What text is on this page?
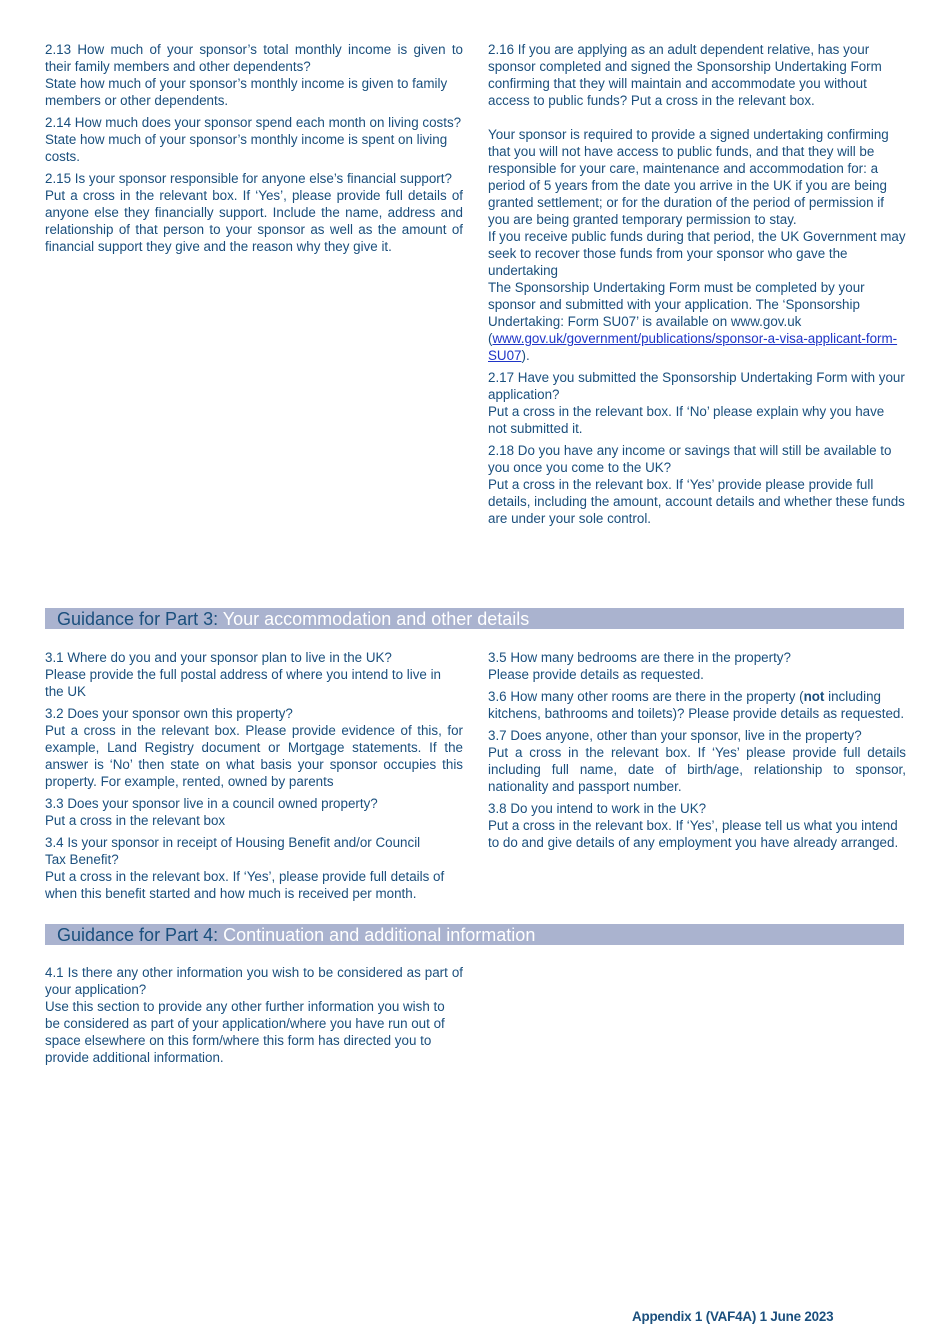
2.13 How much of your sponsor’s total monthly income is given to their family members and other dependents?
State how much of your sponsor’s monthly income is given to family members or other dependents.
2.14 How much does your sponsor spend each month on living costs?
State how much of your sponsor’s monthly income is spent on living costs.
2.15 Is your sponsor responsible for anyone else’s financial support?
Put a cross in the relevant box. If ‘Yes’, please provide full details of anyone else they financially support. Include the name, address and relationship of that person to your sponsor as well as the amount of financial support they give and the reason why they give it.
2.16 If you are applying as an adult dependent relative, has your sponsor completed and signed the Sponsorship Undertaking Form confirming that they will maintain and accommodate you without access to public funds? Put a cross in the relevant box.

Your sponsor is required to provide a signed undertaking confirming that you will not have access to public funds, and that they will be responsible for your care, maintenance and accommodation for: a period of 5 years from the date you arrive in the UK if you are being granted settlement; or for the duration of the period of permission if you are being granted temporary permission to stay.

If you receive public funds during that period, the UK Government may seek to recover those funds from your sponsor who gave the undertaking

The Sponsorship Undertaking Form must be completed by your sponsor and submitted with your application. The ‘Sponsorship Undertaking: Form SU07’ is available on www.gov.uk (www.gov.uk/government/publications/sponsor-a-visa-applicant-form-SU07).

2.17 Have you submitted the Sponsorship Undertaking Form with your application?
Put a cross in the relevant box. If ‘No’ please explain why you have not submitted it.
2.18 Do you have any income or savings that will still be available to you once you come to the UK?
Put a cross in the relevant box. If ‘Yes’ provide please provide full details, including the amount, account details and whether these funds are under your sole control.
Guidance for Part 3: Your accommodation and other details
3.1 Where do you and your sponsor plan to live in the UK?
Please provide the full postal address of where you intend to live in the UK
3.2 Does your sponsor own this property?
Put a cross in the relevant box. Please provide evidence of this, for example, Land Registry document or Mortgage statements. If the answer is ‘No’ then state on what basis your sponsor occupies this property. For example, rented, owned by parents
3.3 Does your sponsor live in a council owned property?
Put a cross in the relevant box
3.4 Is your sponsor in receipt of Housing Benefit and/or Council Tax Benefit?
Put a cross in the relevant box. If ‘Yes’, please provide full details of when this benefit started and how much is received per month.
3.5 How many bedrooms are there in the property?
Please provide details as requested.
3.6 How many other rooms are there in the property (not including kitchens, bathrooms and toilets)? Please provide details as requested.
3.7 Does anyone, other than your sponsor, live in the property?
Put a cross in the relevant box. If ‘Yes’ please provide full details including full name, date of birth/age, relationship to sponsor, nationality and passport number.
3.8 Do you intend to work in the UK?
Put a cross in the relevant box. If ‘Yes’, please tell us what you intend to do and give details of any employment you have already arranged.
Guidance for Part 4: Continuation and additional information
4.1 Is there any other information you wish to be considered as part of your application?
Use this section to provide any other further information you wish to be considered as part of your application/where you have run out of space elsewhere on this form/where this form has directed you to provide additional information.
Appendix 1 (VAF4A) 1 June 2023
